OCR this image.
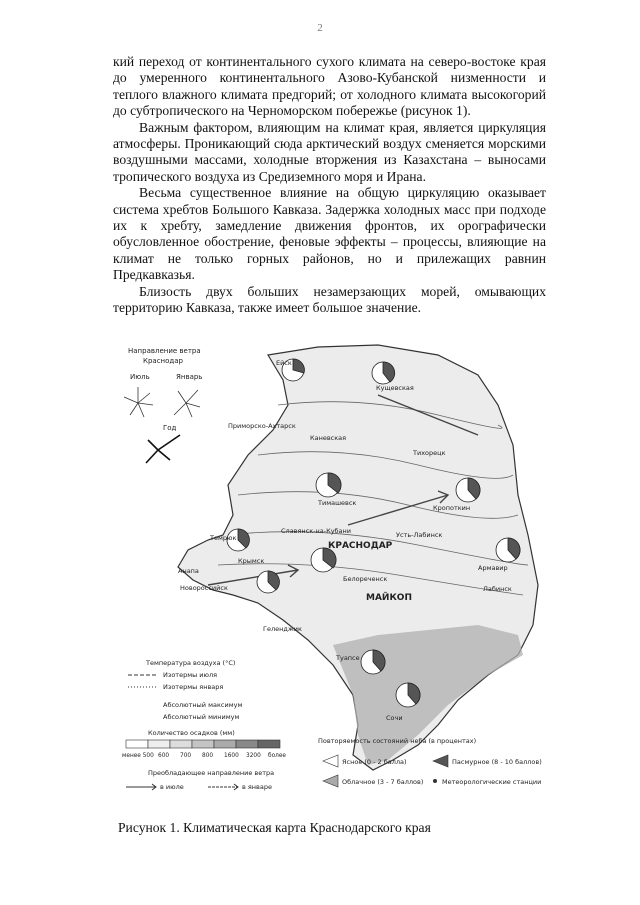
2

кий переход от континентального сухого климата на северо-востоке края до умеренного континентального Азово-Кубанской низменности и теплого влажного климата предгорий; от холодного климата высокогорий до субтропического на Черноморском побережье (рисунок 1).

Важным фактором, влияющим на климат края, является циркуляция атмосферы. Проникающий сюда арктический воздух сменяется морскими воздушными массами, холодные вторжения из Казахстана – выносами тропического воздуха из Средиземного моря и Ирана.

Весьма существенное влияние на общую циркуляцию оказывает система хребтов Большого Кавказа. Задержка холодных масс при подходе их к хребту, замедление движения фронтов, их орографически обусловленное обострение, феновые эффекты – процессы, влияющие на климат не только горных районов, но и прилежащих равнин Предкавказья.

Близость двух больших незамерзающих морей, омывающих территорию Кавказа, также имеет большое значение.

Направление ветра
Краснодар
Июль	Январь
Год
Ейск
Кущевская
Приморско-Ахтарск
Каневская
Тихорецк
Тимашевск
Кропоткин
Темрюк
Славянск-на-Кубани
КРАСНОДАР
Усть-Лабинск
Крымск
Анапа
Новороссийск
Армавир
Белореченск
МАЙКОП
Лабинск
Геленджик
Туапсе
Сочи
Температура воздуха (°С)
Изотермы июля
Изотермы января
Абсолютный максимум
Абсолютный минимум
Количество осадков (мм)
менее 500 600 700 800 1600 3200 более
Преобладающее направление ветра
в июле	в январе
Повторяемость состояний неба (в процентах)
Ясное (0 - 2 балла)	Пасмурное (8 - 10 баллов)
Облачное (3 - 7 баллов)	Метеорологические станции
Рисунок 1. Климатическая карта Краснодарского края
